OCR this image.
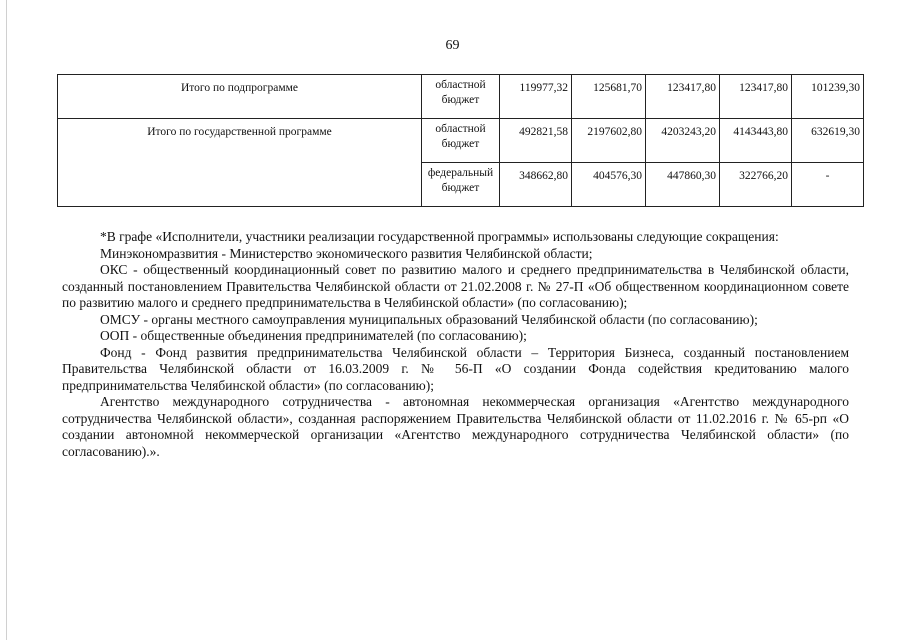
69
Итого по подпрограмме	областной бюджет	119977,32	125681,70	123417,80	123417,80	101239,30
Итого по государственной программе	областной бюджет	492821,58	2197602,80	4203243,20	4143443,80	632619,30
	федеральный бюджет	348662,80	404576,30	447860,30	322766,20	-

*В графе «Исполнители, участники реализации государственной программы» использованы следующие сокращения:

Минэкономразвития - Министерство экономического развития Челябинской области;

ОКС - общественный координационный совет по развитию малого и среднего предпринимательства в Челябинской области, созданный постановлением Правительства Челябинской области от 21.02.2008 г. № 27-П «Об общественном координационном совете по развитию малого и среднего предпринимательства в Челябинской области» (по согласованию);

ОМСУ - органы местного самоуправления муниципальных образований Челябинской области (по согласованию);

ООП - общественные объединения предпринимателей (по согласованию);

Фонд - Фонд развития предпринимательства Челябинской области – Территория Бизнеса, созданный постановлением Правительства Челябинской области от 16.03.2009 г. № 56-П «О создании Фонда содействия кредитованию малого предпринимательства Челябинской области» (по согласованию);

Агентство международного сотрудничества - автономная некоммерческая организация «Агентство международного сотрудничества Челябинской области», созданная распоряжением Правительства Челябинской области от 11.02.2016 г. № 65-рп «О создании автономной некоммерческой организации «Агентство международного сотрудничества Челябинской области» (по согласованию).».
